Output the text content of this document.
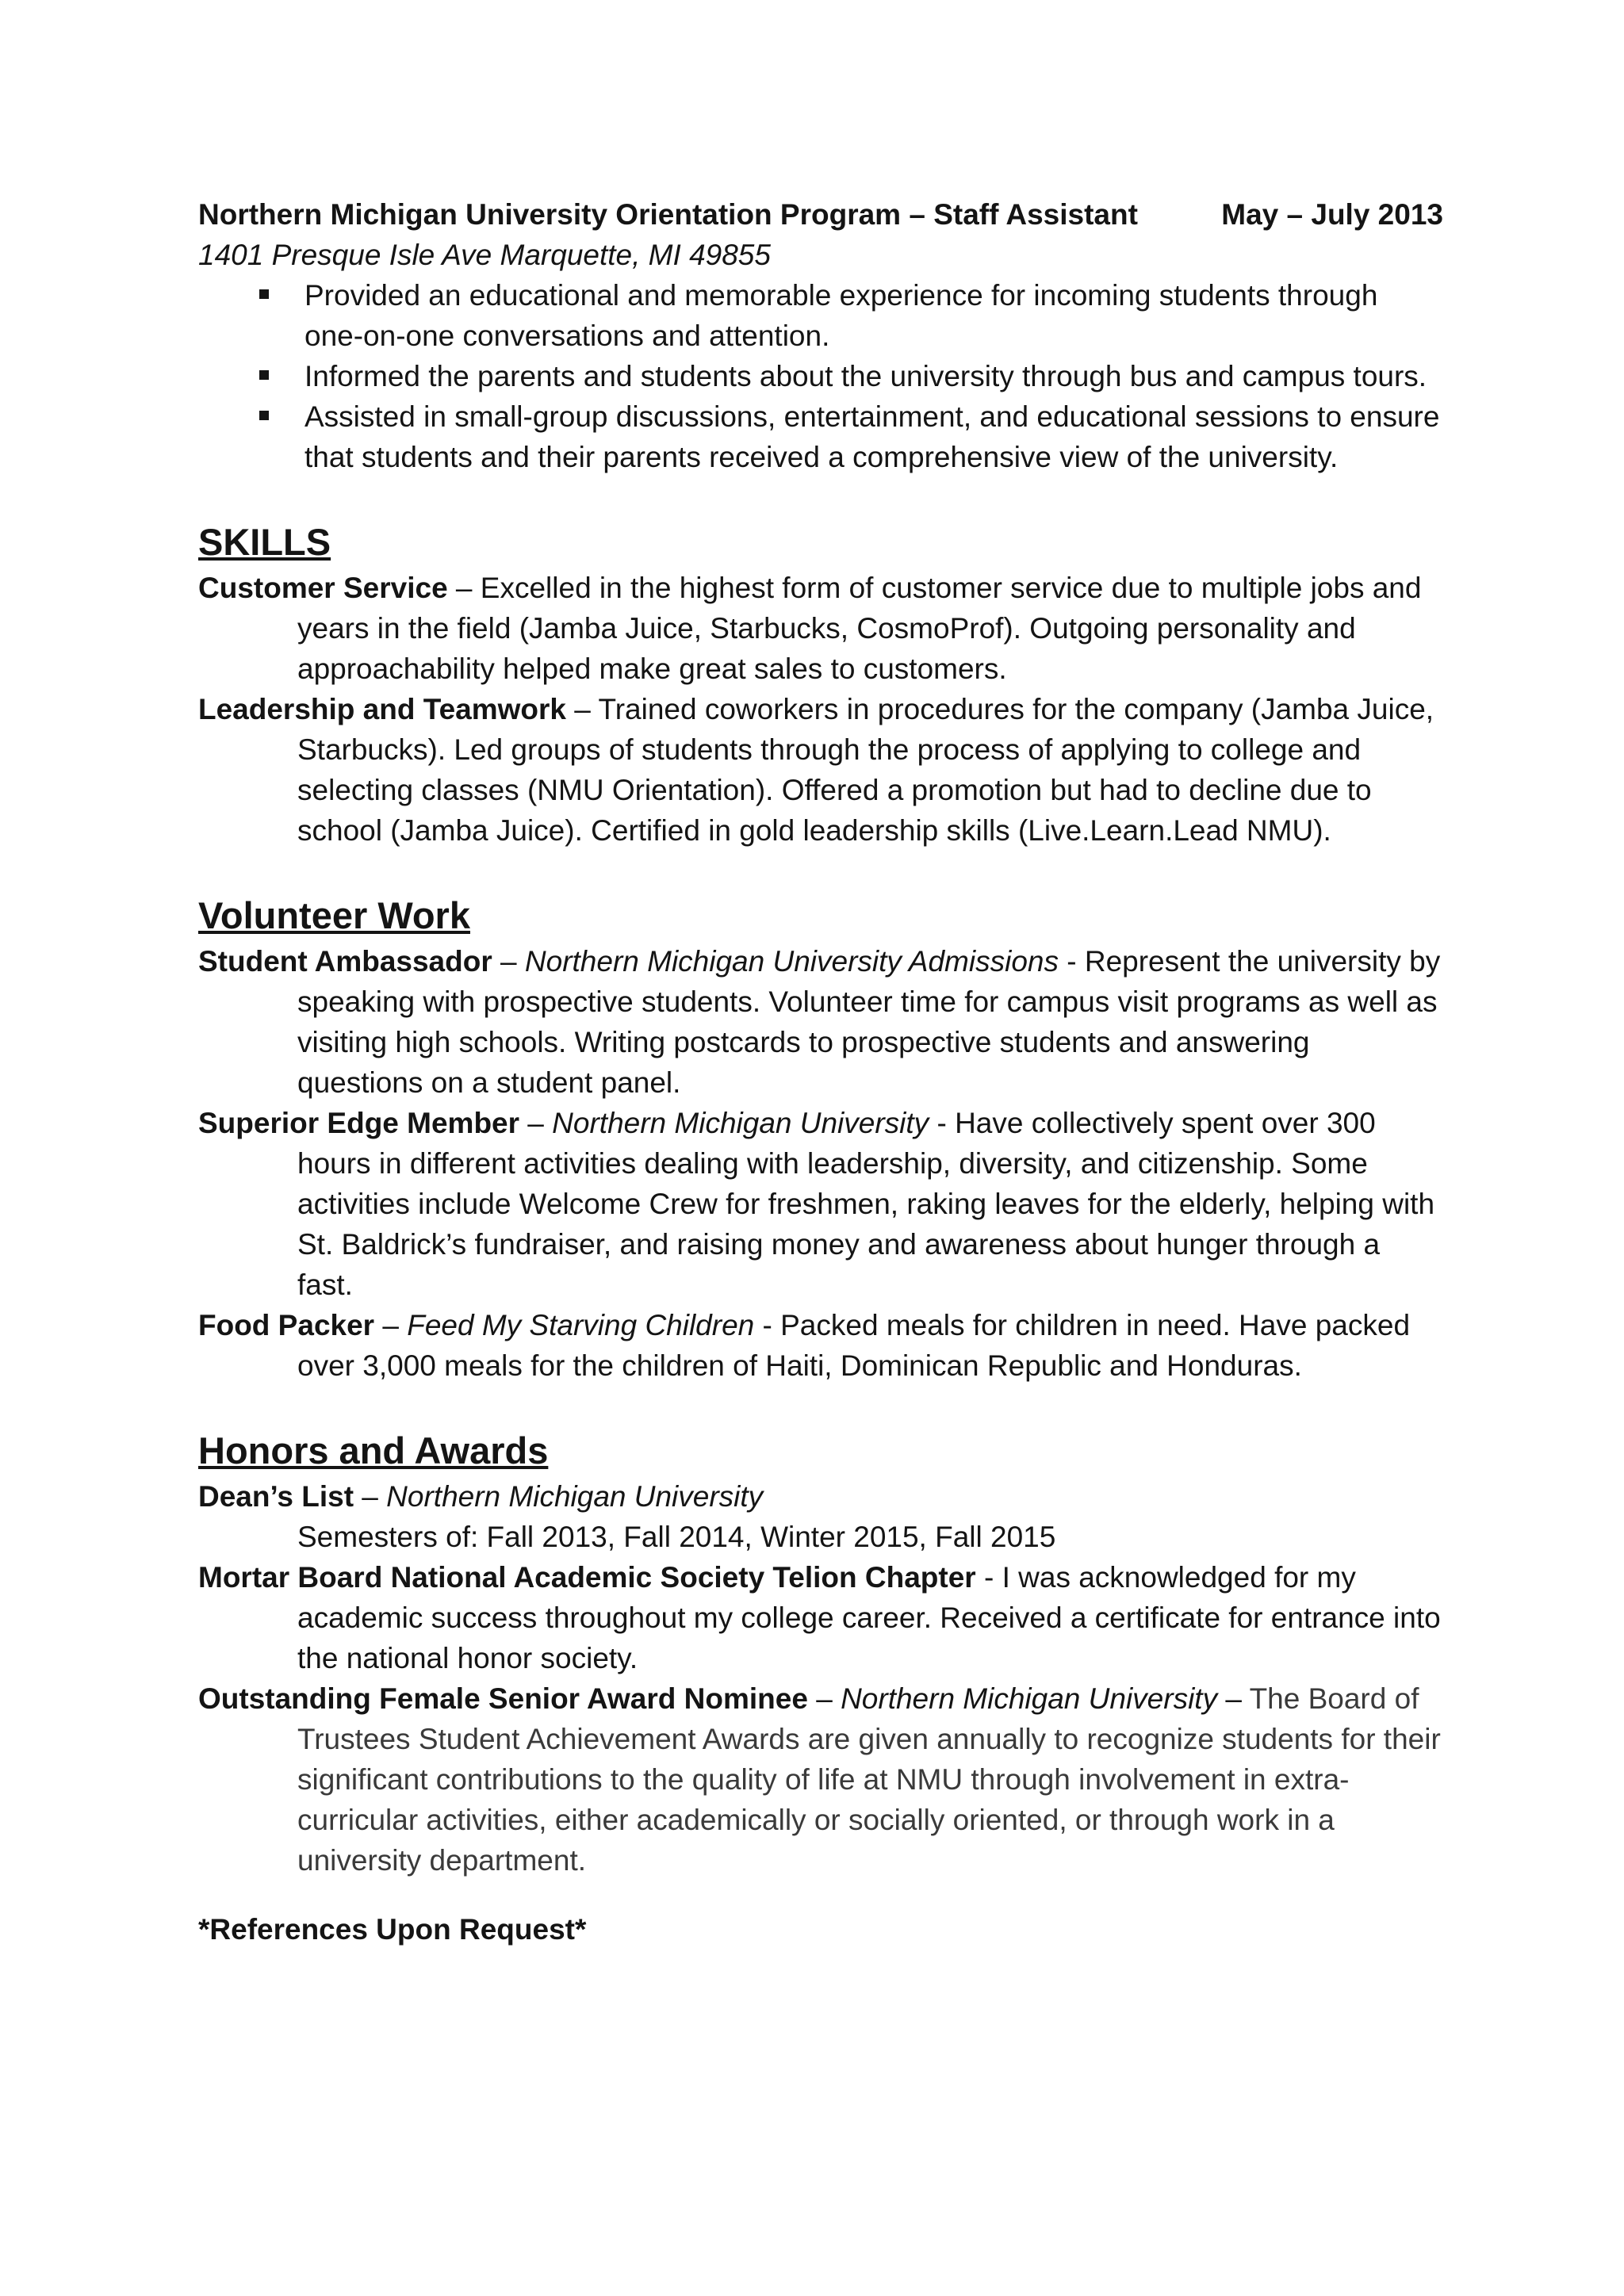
Northern Michigan University Orientation Program – Staff Assistant	May – July 2013
1401 Presque Isle Ave Marquette, MI 49855
Provided an educational and memorable experience for incoming students through one-on-one conversations and attention.
Informed the parents and students about the university through bus and campus tours.
Assisted in small-group discussions, entertainment, and educational sessions to ensure that students and their parents received a comprehensive view of the university.
SKILLS
Customer Service – Excelled in the highest form of customer service due to multiple jobs and years in the field (Jamba Juice, Starbucks, CosmoProf). Outgoing personality and approachability helped make great sales to customers.
Leadership and Teamwork – Trained coworkers in procedures for the company (Jamba Juice, Starbucks). Led groups of students through the process of applying to college and selecting classes (NMU Orientation). Offered a promotion but had to decline due to school (Jamba Juice). Certified in gold leadership skills (Live.Learn.Lead NMU).
Volunteer Work
Student Ambassador – Northern Michigan University Admissions - Represent the university by speaking with prospective students. Volunteer time for campus visit programs as well as visiting high schools. Writing postcards to prospective students and answering questions on a student panel.
Superior Edge Member – Northern Michigan University - Have collectively spent over 300 hours in different activities dealing with leadership, diversity, and citizenship. Some activities include Welcome Crew for freshmen, raking leaves for the elderly, helping with St. Baldrick’s fundraiser, and raising money and awareness about hunger through a fast.
Food Packer – Feed My Starving Children - Packed meals for children in need. Have packed over 3,000 meals for the children of Haiti, Dominican Republic and Honduras.
Honors and Awards
Dean’s List – Northern Michigan University
Semesters of: Fall 2013, Fall 2014, Winter 2015, Fall 2015
Mortar Board National Academic Society Telion Chapter - I was acknowledged for my academic success throughout my college career. Received a certificate for entrance into the national honor society.
Outstanding Female Senior Award Nominee – Northern Michigan University – The Board of Trustees Student Achievement Awards are given annually to recognize students for their significant contributions to the quality of life at NMU through involvement in extra-curricular activities, either academically or socially oriented, or through work in a university department.
*References Upon Request*
